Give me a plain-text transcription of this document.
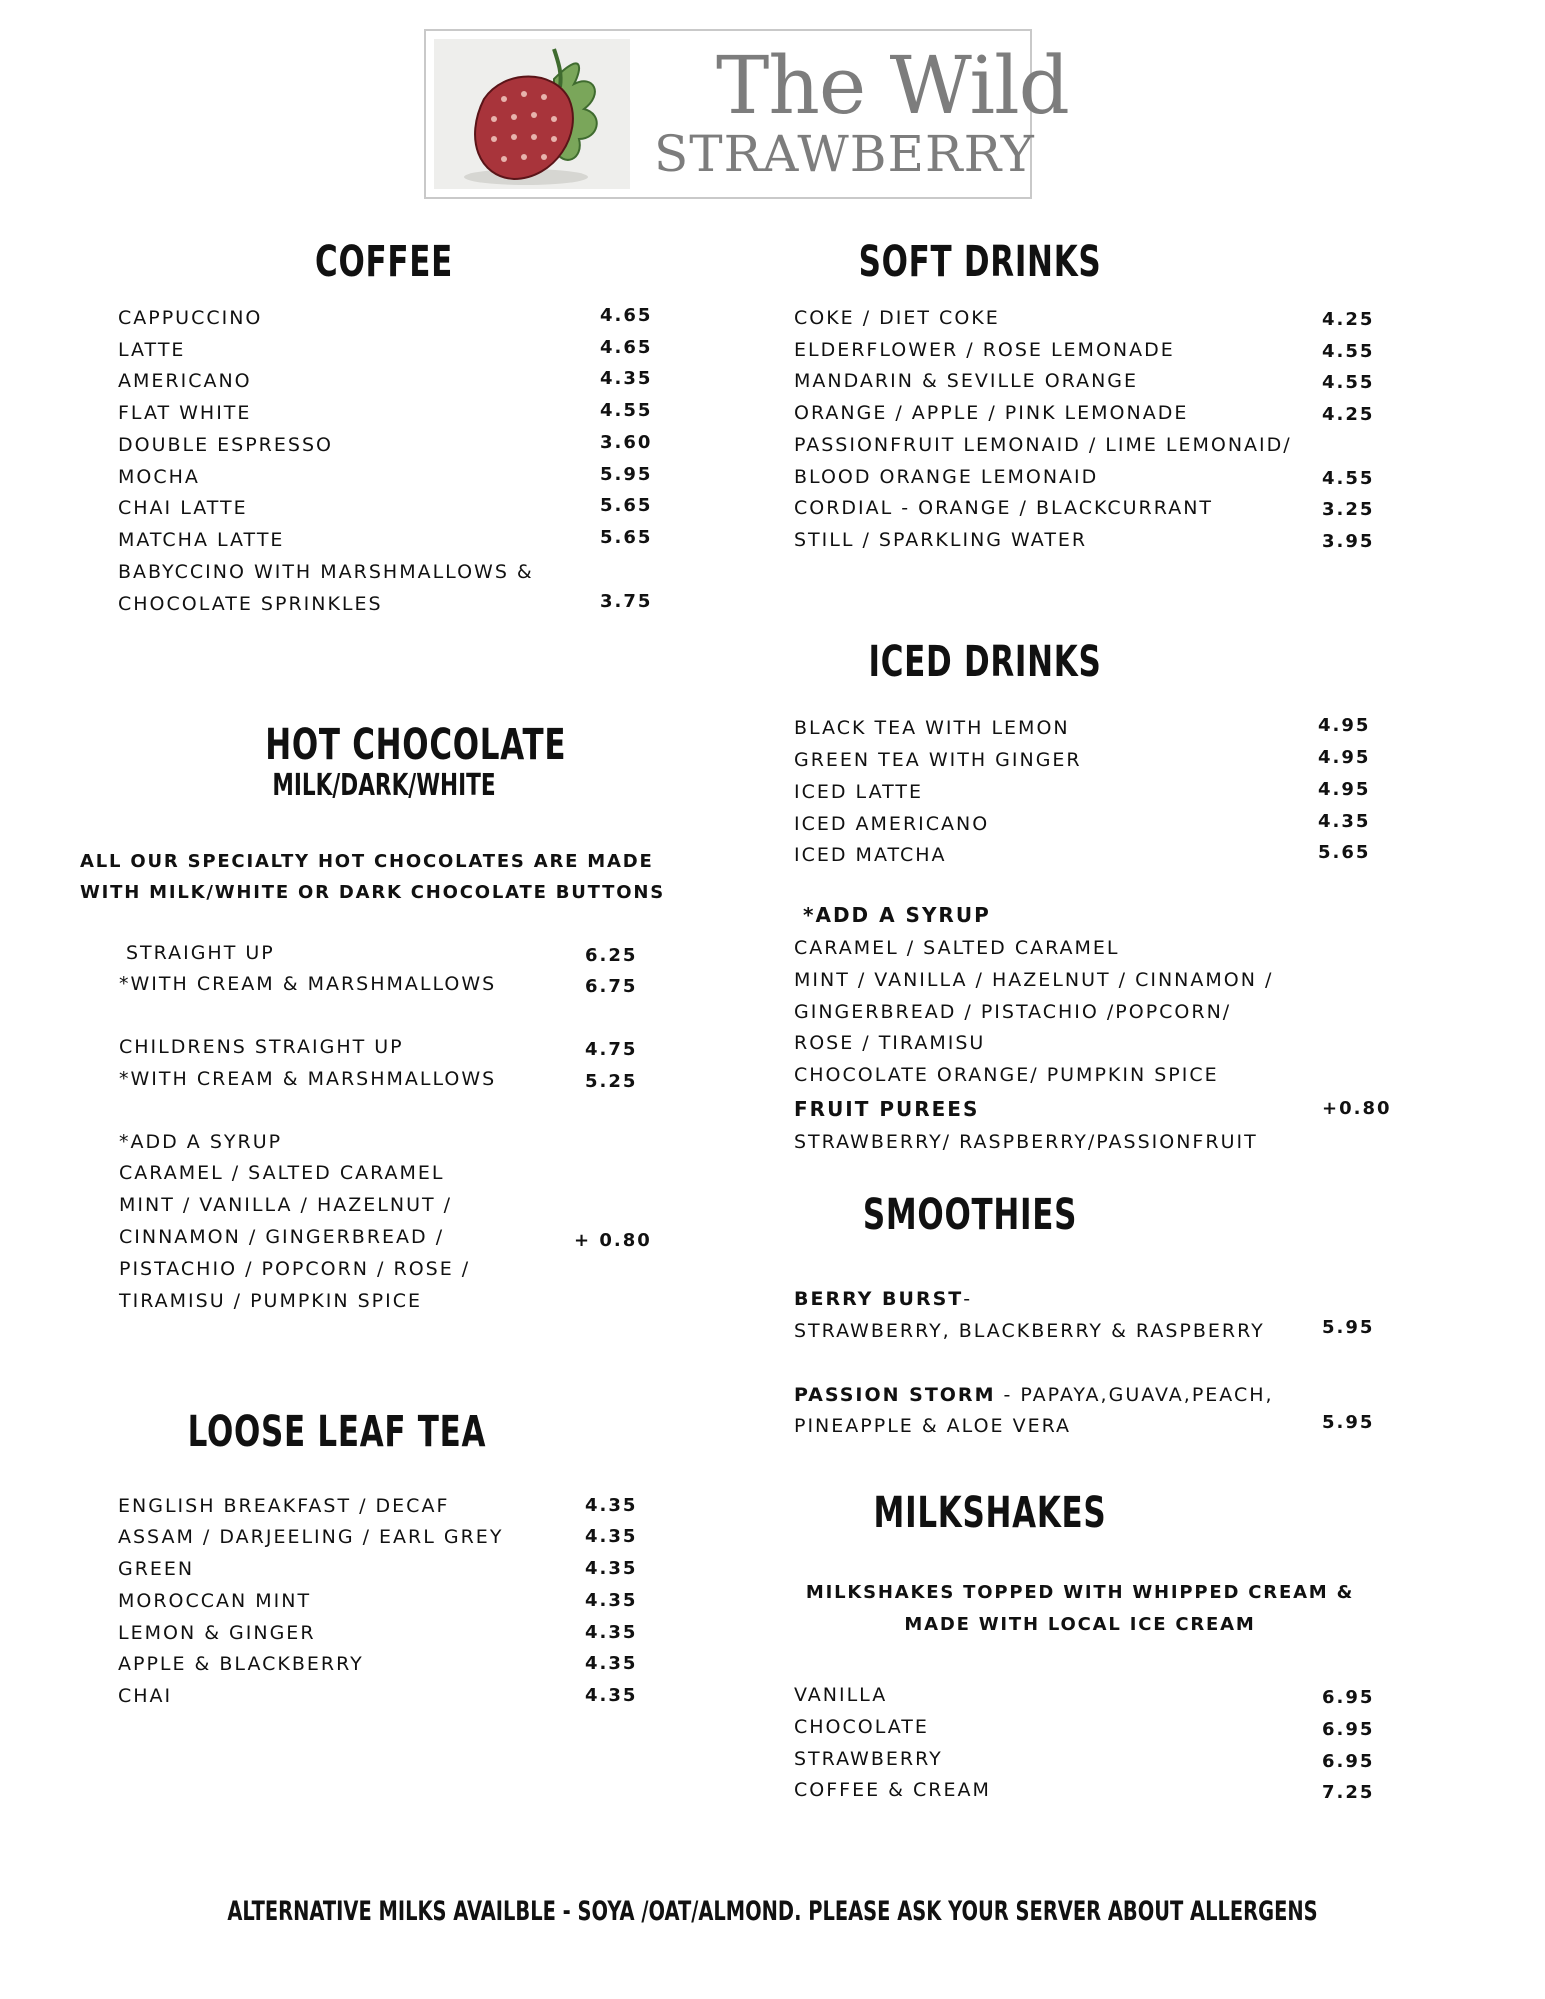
The Wild
STRAWBERRY
COFFEE
CAPPUCCINO	4.65
LATTE	4.65
AMERICANO	4.35
FLAT WHITE	4.55
DOUBLE ESPRESSO	3.60
MOCHA	5.95
CHAI LATTE	5.65
MATCHA LATTE	5.65
BABYCCINO WITH MARSHMALLOWS &
CHOCOLATE SPRINKLES	3.75
HOT CHOCOLATE
MILK/DARK/WHITE
ALL OUR SPECIALTY HOT CHOCOLATES ARE MADE
WITH MILK/WHITE OR DARK CHOCOLATE BUTTONS
STRAIGHT UP	6.25
*WITH CREAM & MARSHMALLOWS	6.75
CHILDRENS STRAIGHT UP	4.75
*WITH CREAM & MARSHMALLOWS	5.25
*ADD A SYRUP
CARAMEL / SALTED CARAMEL
MINT / VANILLA / HAZELNUT /
CINNAMON / GINGERBREAD /
PISTACHIO / POPCORN / ROSE /
TIRAMISU / PUMPKIN SPICE
+ 0.80
LOOSE LEAF TEA
ENGLISH BREAKFAST / DECAF	4.35
ASSAM / DARJEELING / EARL GREY	4.35
GREEN	4.35
MOROCCAN MINT	4.35
LEMON & GINGER	4.35
APPLE & BLACKBERRY	4.35
CHAI	4.35
SOFT DRINKS
COKE / DIET COKE	4.25
ELDERFLOWER / ROSE LEMONADE	4.55
MANDARIN & SEVILLE ORANGE	4.55
ORANGE / APPLE / PINK LEMONADE	4.25
PASSIONFRUIT LEMONAID / LIME LEMONAID/
BLOOD ORANGE LEMONAID	4.55
CORDIAL - ORANGE / BLACKCURRANT	3.25
STILL / SPARKLING WATER	3.95
ICED DRINKS
BLACK TEA WITH LEMON	4.95
GREEN TEA WITH GINGER	4.95
ICED LATTE	4.95
ICED AMERICANO	4.35
ICED MATCHA	5.65
*ADD A SYRUP
CARAMEL / SALTED CARAMEL
MINT / VANILLA / HAZELNUT / CINNAMON /
GINGERBREAD / PISTACHIO /POPCORN/
ROSE / TIRAMISU
CHOCOLATE ORANGE/ PUMPKIN SPICE
FRUIT PUREES	+0.80
STRAWBERRY/ RASPBERRY/PASSIONFRUIT
SMOOTHIES
BERRY BURST-
STRAWBERRY, BLACKBERRY & RASPBERRY	5.95
PASSION STORM - PAPAYA,GUAVA,PEACH,
PINEAPPLE & ALOE VERA	5.95
MILKSHAKES
MILKSHAKES TOPPED WITH WHIPPED CREAM &
MADE WITH LOCAL ICE CREAM
VANILLA	6.95
CHOCOLATE	6.95
STRAWBERRY	6.95
COFFEE & CREAM	7.25
ALTERNATIVE MILKS AVAILBLE - SOYA /OAT/ALMOND. PLEASE ASK YOUR SERVER ABOUT ALLERGENS
